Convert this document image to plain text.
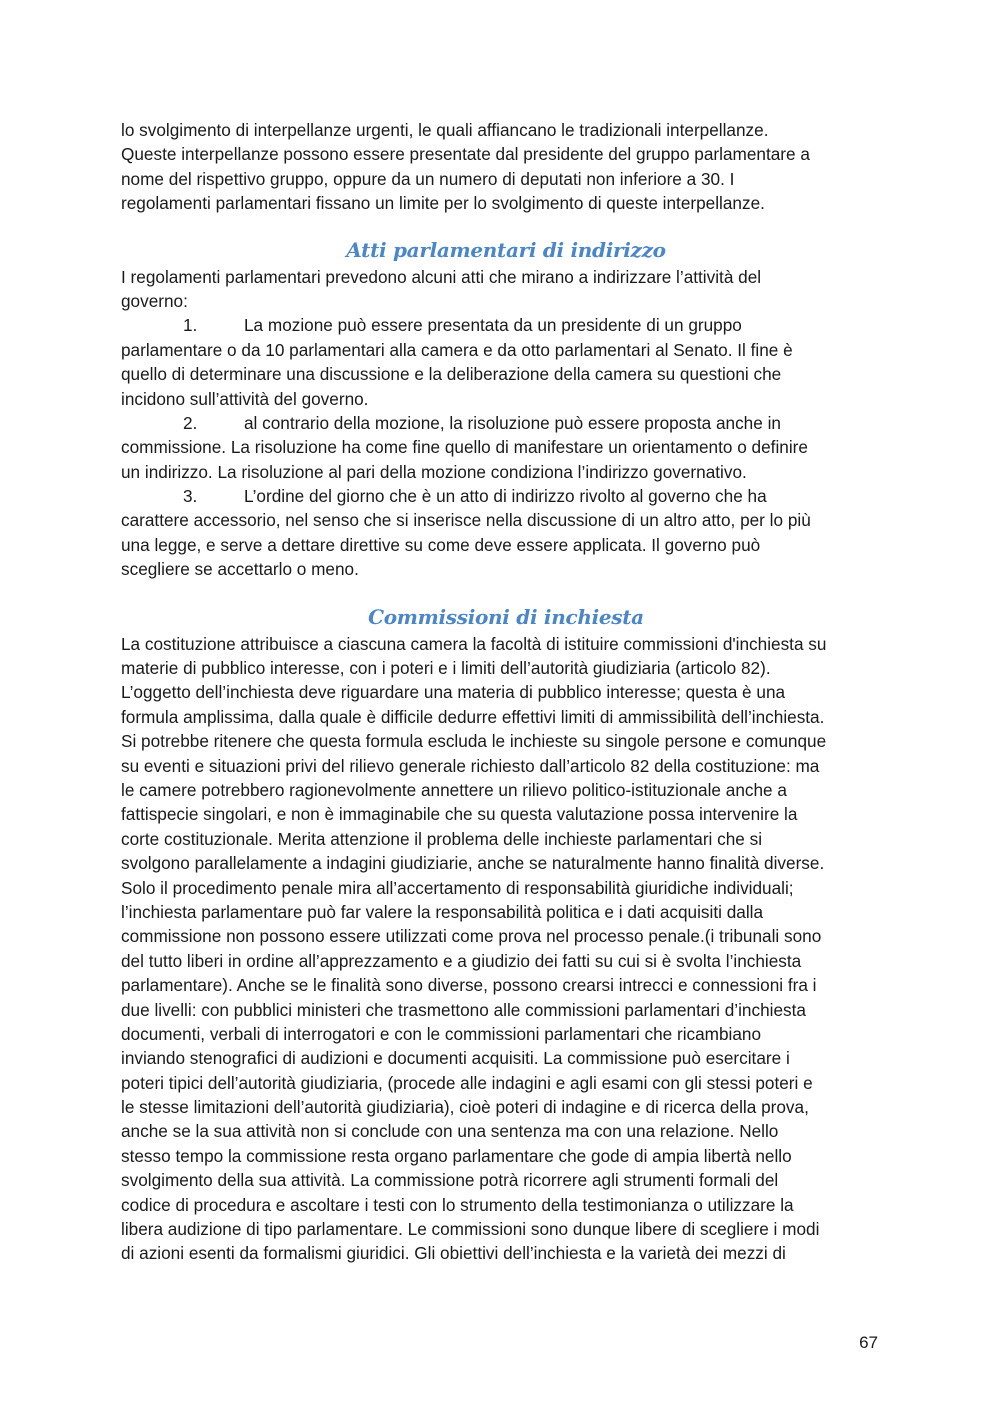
lo svolgimento di interpellanze urgenti, le quali affiancano le tradizionali interpellanze.
Queste interpellanze possono essere presentate dal presidente del gruppo parlamentare a
nome del rispettivo gruppo, oppure da un numero di deputati non inferiore a 30. I
regolamenti parlamentari fissano un limite per lo svolgimento di queste interpellanze.
Atti parlamentari di indirizzo
I regolamenti parlamentari prevedono alcuni atti che mirano a indirizzare l’attività del
governo:
1.	La mozione può essere presentata da un presidente di un gruppo
parlamentare o da 10 parlamentari alla camera e da otto parlamentari al Senato. Il fine è
quello di determinare una discussione e la deliberazione della camera su questioni che
incidono sull’attività del governo.
2.	al contrario della mozione, la risoluzione può essere proposta anche in
commissione. La risoluzione ha come fine quello di manifestare un orientamento o definire
un indirizzo. La risoluzione al pari della mozione condiziona l’indirizzo governativo.
3.	L’ordine del giorno che è un atto di indirizzo rivolto al governo che ha
carattere accessorio, nel senso che si inserisce nella discussione di un altro atto, per lo più
una legge, e serve a dettare direttive su come deve essere applicata. Il governo può
scegliere se accettarlo o meno.
Commissioni di inchiesta
La costituzione attribuisce a ciascuna camera la facoltà di istituire commissioni d'inchiesta su
materie di pubblico interesse, con i poteri e i limiti dell’autorità giudiziaria (articolo 82).
L’oggetto dell’inchiesta deve riguardare una materia di pubblico interesse; questa è una
formula amplissima, dalla quale è difficile dedurre effettivi limiti di ammissibilità dell’inchiesta.
Si potrebbe ritenere che questa formula escluda le inchieste su singole persone e comunque
su eventi e situazioni privi del rilievo generale richiesto dall’articolo 82 della costituzione: ma
le camere potrebbero ragionevolmente annettere un rilievo politico-istituzionale anche a
fattispecie singolari, e non è immaginabile che su questa valutazione possa intervenire la
corte costituzionale. Merita attenzione il problema delle inchieste parlamentari che si
svolgono parallelamente a indagini giudiziarie, anche se naturalmente hanno finalità diverse.
Solo il procedimento penale mira all’accertamento di responsabilità giuridiche individuali;
l’inchiesta parlamentare può far valere la responsabilità politica e i dati acquisiti dalla
commissione non possono essere utilizzati come prova nel processo penale.(i tribunali sono
del tutto liberi in ordine all’apprezzamento e a giudizio dei fatti su cui si è svolta l’inchiesta
parlamentare). Anche se le finalità sono diverse, possono crearsi intrecci e connessioni fra i
due livelli: con pubblici ministeri che trasmettono alle commissioni parlamentari d’inchiesta
documenti, verbali di interrogatori e con le commissioni parlamentari che ricambiano
inviando stenografici di audizioni e documenti acquisiti. La commissione può esercitare i
poteri tipici dell’autorità giudiziaria, (procede alle indagini e agli esami con gli stessi poteri e
le stesse limitazioni dell’autorità giudiziaria), cioè poteri di indagine e di ricerca della prova,
anche se la sua attività non si conclude con una sentenza ma con una relazione. Nello
stesso tempo la commissione resta organo parlamentare che gode di ampia libertà nello
svolgimento della sua attività. La commissione potrà ricorrere agli strumenti formali del
codice di procedura e ascoltare i testi con lo strumento della testimonianza o utilizzare la
libera audizione di tipo parlamentare. Le commissioni sono dunque libere di scegliere i modi
di azioni esenti da formalismi giuridici. Gli obiettivi dell’inchiesta e la varietà dei mezzi di
67
